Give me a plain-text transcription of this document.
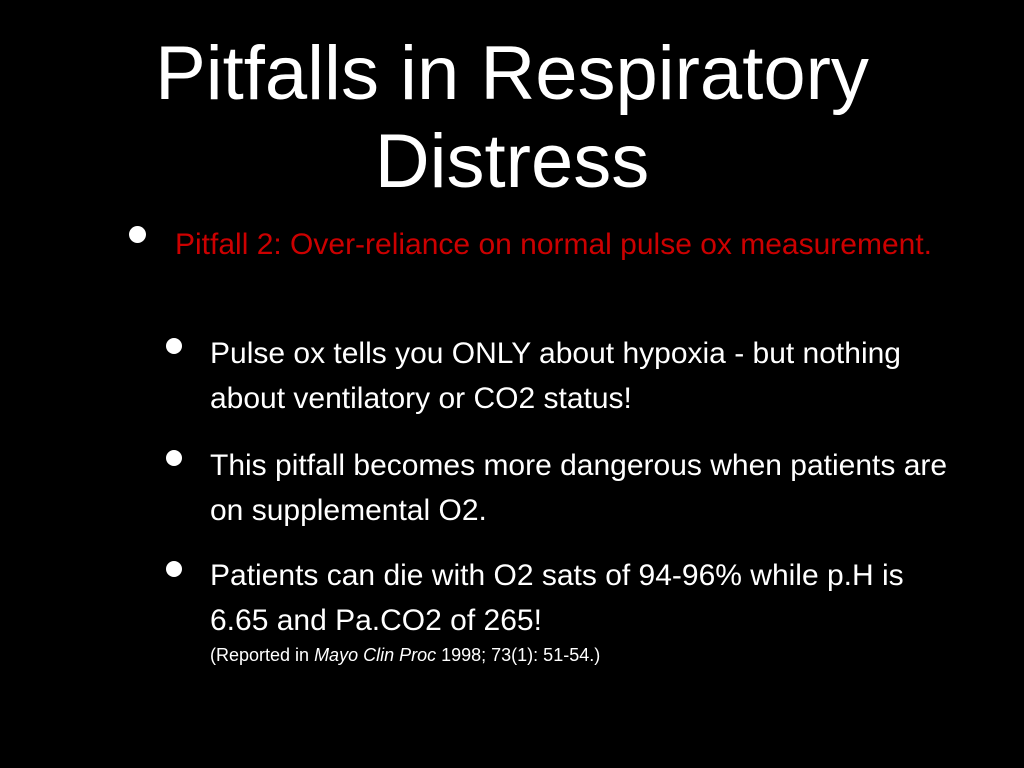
Pitfalls in Respiratory
Distress
Pitfall 2: Over-reliance on normal pulse ox measurement.
Pulse ox tells you ONLY about hypoxia - but nothing about ventilatory or CO2 status!
This pitfall becomes more dangerous when patients are on supplemental O2.
Patients can die with O2 sats of 94-96% while p.H is 6.65 and Pa.CO2 of 265!
(Reported in Mayo Clin Proc 1998; 73(1): 51-54.)
